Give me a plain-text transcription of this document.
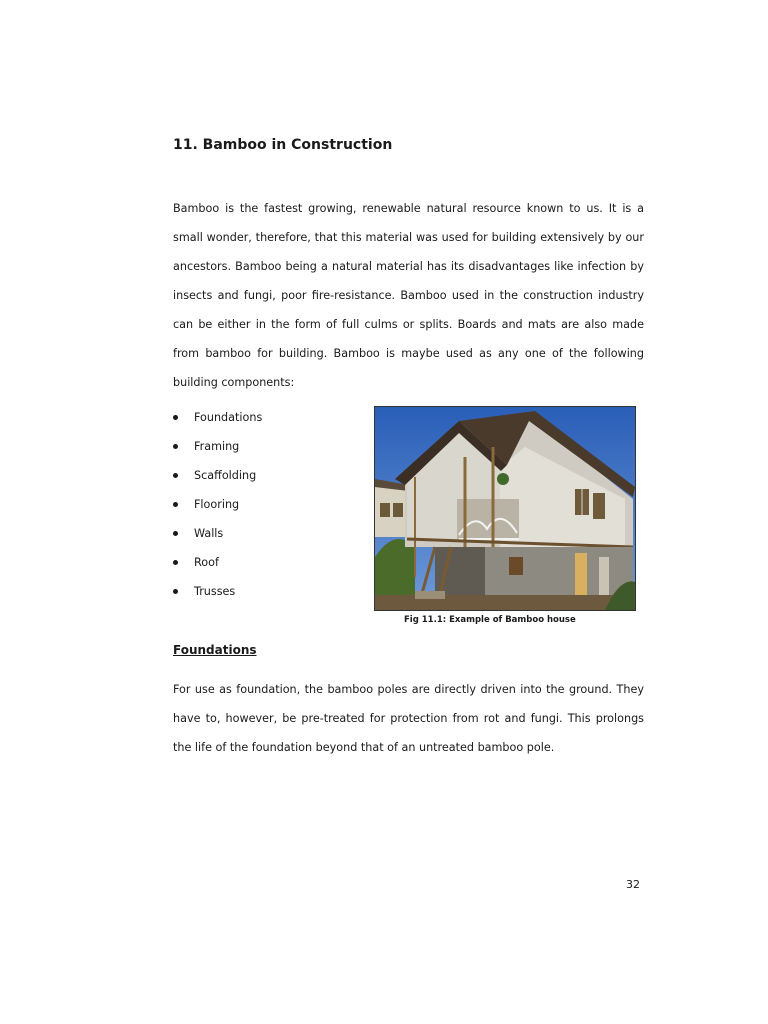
11. Bamboo in Construction

Bamboo is the fastest growing, renewable natural resource known to us. It is a small wonder, therefore, that this material was used for building extensively by our ancestors. Bamboo being a natural material has its disadvantages like infection by insects and fungi, poor fire-resistance. Bamboo used in the construction industry can be either in the form of full culms or splits. Boards and mats are also made from bamboo for building. Bamboo is maybe used as any one of the following building components:

Foundations
Framing
Scaffolding
Flooring
Walls
Roof
Trusses

Fig 11.1: Example of Bamboo house

Foundations

For use as foundation, the bamboo poles are directly driven into the ground. They have to, however, be pre-treated for protection from rot and fungi. This prolongs the life of the foundation beyond that of an untreated bamboo pole.

32
